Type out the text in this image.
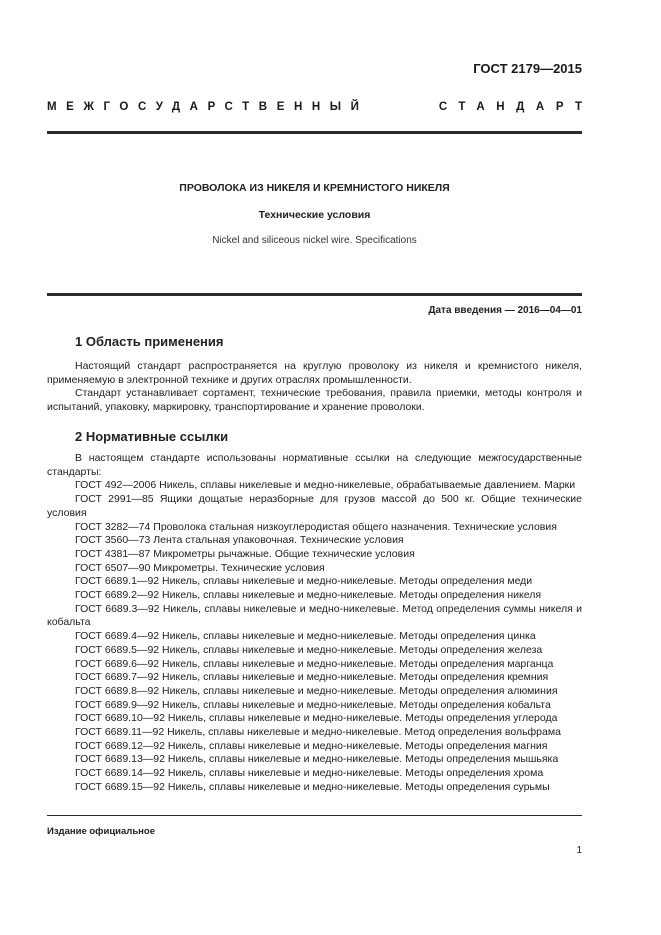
ГОСТ 2179—2015
МЕЖГОСУДАРСТВЕННЫЙ	СТАНДАРТ
ПРОВОЛОКА ИЗ НИКЕЛЯ И КРЕМНИСТОГО НИКЕЛЯ
Технические условия
Nickel and siliceous nickel wire. Specifications
Дата введения — 2016—04—01
1 Область применения
Настоящий стандарт распространяется на круглую проволоку из никеля и кремнистого никеля, применяемую в электронной технике и других отраслях промышленности.
Стандарт устанавливает сортамент, технические требования, правила приемки, методы контроля и испытаний, упаковку, маркировку, транспортирование и хранение проволоки.
2 Нормативные ссылки
В настоящем стандарте использованы нормативные ссылки на следующие межгосударственные стандарты:
ГОСТ 492—2006 Никель, сплавы никелевые и медно-никелевые, обрабатываемые давлением. Марки
ГОСТ 2991—85 Ящики дощатые неразборные для грузов массой до 500 кг. Общие технические условия
ГОСТ 3282—74 Проволока стальная низкоуглеродистая общего назначения. Технические условия
ГОСТ 3560—73 Лента стальная упаковочная. Технические условия
ГОСТ 4381—87 Микрометры рычажные. Общие технические условия
ГОСТ 6507—90 Микрометры. Технические условия
ГОСТ 6689.1—92 Никель, сплавы никелевые и медно-никелевые. Методы определения меди
ГОСТ 6689.2—92 Никель, сплавы никелевые и медно-никелевые. Методы определения никеля
ГОСТ 6689.3—92 Никель, сплавы никелевые и медно-никелевые. Метод определения суммы никеля и кобальта
ГОСТ 6689.4—92 Никель, сплавы никелевые и медно-никелевые. Методы определения цинка
ГОСТ 6689.5—92 Никель, сплавы никелевые и медно-никелевые. Методы определения железа
ГОСТ 6689.6—92 Никель, сплавы никелевые и медно-никелевые. Методы определения марганца
ГОСТ 6689.7—92 Никель, сплавы никелевые и медно-никелевые. Методы определения кремния
ГОСТ 6689.8—92 Никель, сплавы никелевые и медно-никелевые. Методы определения алюминия
ГОСТ 6689.9—92 Никель, сплавы никелевые и медно-никелевые. Методы определения кобальта
ГОСТ 6689.10—92 Никель, сплавы никелевые и медно-никелевые. Методы определения углерода
ГОСТ 6689.11—92 Никель, сплавы никелевые и медно-никелевые. Метод определения вольфрама
ГОСТ 6689.12—92 Никель, сплавы никелевые и медно-никелевые. Методы определения магния
ГОСТ 6689.13—92 Никель, сплавы никелевые и медно-никелевые. Методы определения мышьяка
ГОСТ 6689.14—92 Никель, сплавы никелевые и медно-никелевые. Методы определения хрома
ГОСТ 6689.15—92 Никель, сплавы никелевые и медно-никелевые. Методы определения сурьмы
Издание официальное
1
